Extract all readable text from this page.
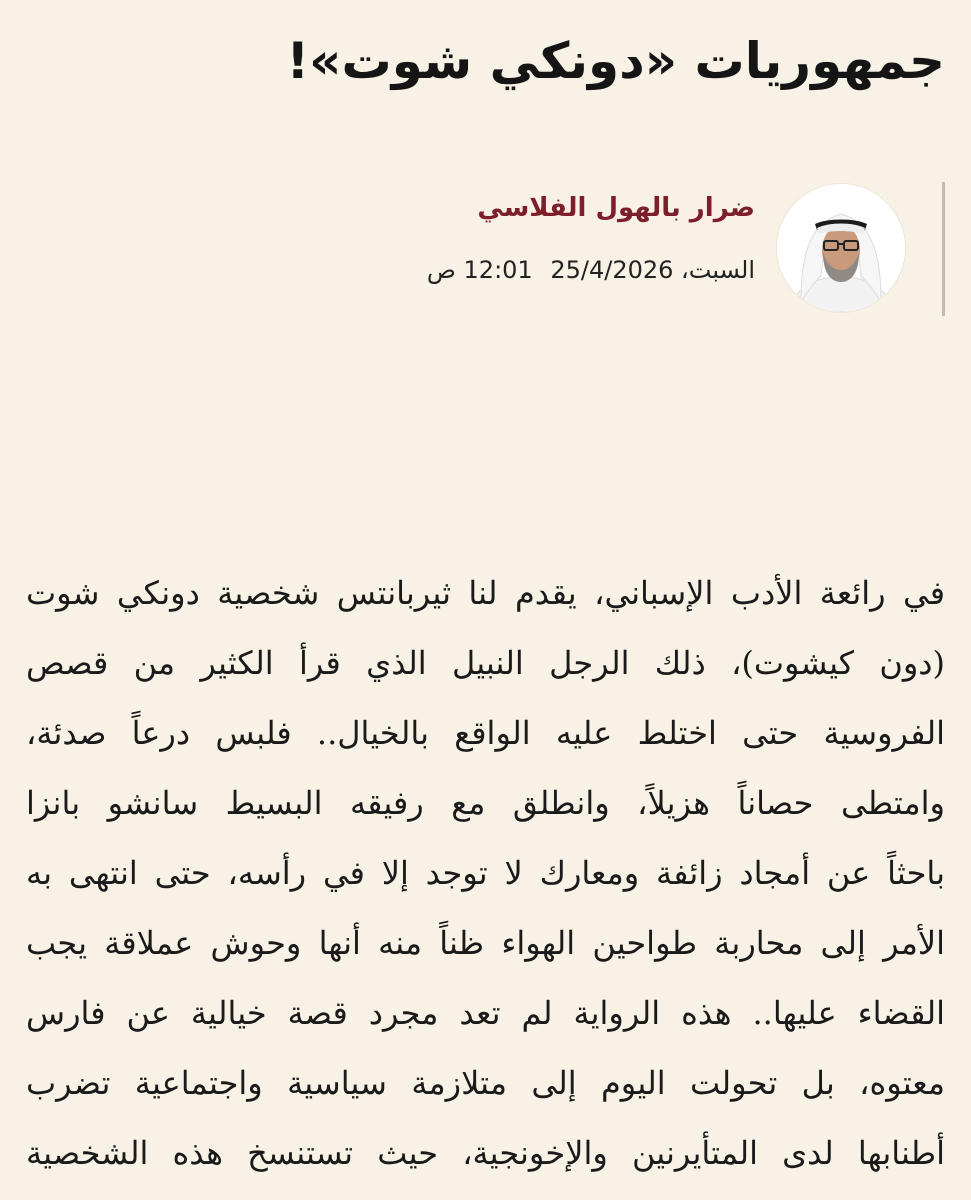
جمهوريات «دونكي شوت»!
ضرار بالهول الفلاسي
السبت، 25/4/2026 12:01 ص

في رائعة الأدب الإسباني، يقدم لنا ثيربانتس شخصية دونكي شوت

(دون كيشوت)، ذلك الرجل النبيل الذي قرأ الكثير من قصص

الفروسية حتى اختلط عليه الواقع بالخيال.. فلبس درعاً صدئة،

وامتطى حصاناً هزيلاً، وانطلق مع رفيقه البسيط سانشو بانزا

باحثاً عن أمجاد زائفة ومعارك لا توجد إلا في رأسه، حتى انتهى به

الأمر إلى محاربة طواحين الهواء ظناً منه أنها وحوش عملاقة يجب

القضاء عليها.. هذه الرواية لم تعد مجرد قصة خيالية عن فارس

معتوه، بل تحولت اليوم إلى متلازمة سياسية واجتماعية تضرب

أطنابها لدى المتأيرنين والإخونجية، حيث تستنسخ هذه الشخصية
